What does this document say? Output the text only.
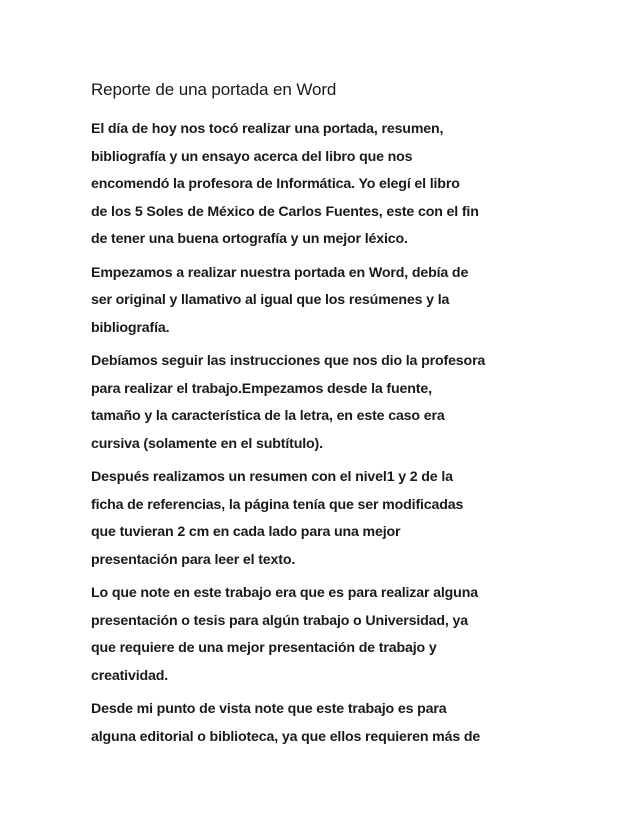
Reporte de una portada en Word

El día de hoy nos tocó realizar una portada, resumen,
bibliografía y un ensayo acerca del libro que nos
encomendó la profesora de Informática. Yo elegí el libro
de los 5 Soles de México de Carlos Fuentes, este con el fin
de tener una buena ortografía y un mejor léxico.

Empezamos a realizar nuestra portada en Word, debía de
ser original y llamativo al igual que los resúmenes y la
bibliografía.

Debíamos seguir las instrucciones que nos dio la profesora
para realizar el trabajo.Empezamos desde la fuente,
tamaño y la característica de la letra, en este caso era
cursiva (solamente en el subtítulo).

Después realizamos un resumen con el nivel1 y 2 de la
ficha de referencias, la página tenía que ser modificadas
que tuvieran 2 cm en cada lado para una mejor
presentación para leer el texto.

Lo que note en este trabajo era que es para realizar alguna
presentación o tesis para algún trabajo o Universidad, ya
que requiere de una mejor presentación de trabajo y
creatividad.

Desde mi punto de vista note que este trabajo es para
alguna editorial o biblioteca, ya que ellos requieren más de
